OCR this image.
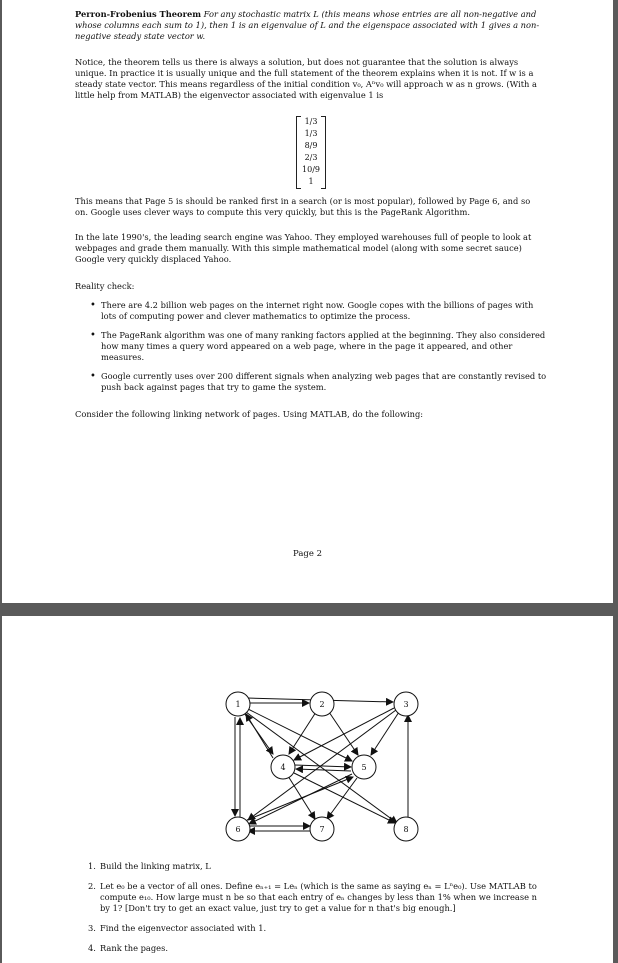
Perron-Frobenius Theorem For any stochastic matrix L (this means whose entries are all non-negative and whose columns each sum to 1), then 1 is an eigenvalue of L and the eigenspace associated with 1 gives a non-negative steady state vector w.

Notice, the theorem tells us there is always a solution, but does not guarantee that the solution is always unique. In practice it is usually unique and the full statement of the theorem explains when it is not. If w is a steady state vector. This means regardless of the initial condition v₀, Aⁿv₀ will approach w as n grows. (With a little help from MATLAB) the eigenvector associated with eigenvalue 1 is

1/3
1/3
8/9
2/3
10/9
1

This means that Page 5 is should be ranked first in a search (or is most popular), followed by Page 6, and so on. Google uses clever ways to compute this very quickly, but this is the PageRank Algorithm.

In the late 1990's, the leading search engine was Yahoo. They employed warehouses full of people to look at webpages and grade them manually. With this simple mathematical model (along with some secret sauce) Google very quickly displaced Yahoo.

Reality check:
• There are 4.2 billion web pages on the internet right now. Google copes with the billions of pages with lots of computing power and clever mathematics to optimize the process.
• The PageRank algorithm was one of many ranking factors applied at the beginning. They also considered how many times a query word appeared on a web page, where in the page it appeared, and other measures.
• Google currently uses over 200 different signals when analyzing web pages that are constantly revised to push back against pages that try to game the system.
Consider the following linking network of pages. Using MATLAB, do the following:
Page 2
1	2	3
4	5
6	7	8
1. Build the linking matrix, L
2. Let e₀ be a vector of all ones. Define eₙ₊₁ = Leₙ (which is the same as saying eₙ = Lⁿe₀). Use MATLAB to compute e₁₀. How large must n be so that each entry of eₙ changes by less than 1% when we increase n by 1? [Don't try to get an exact value, just try to get a value for n that's big enough.]
3. Find the eigenvector associated with 1.
4. Rank the pages.
